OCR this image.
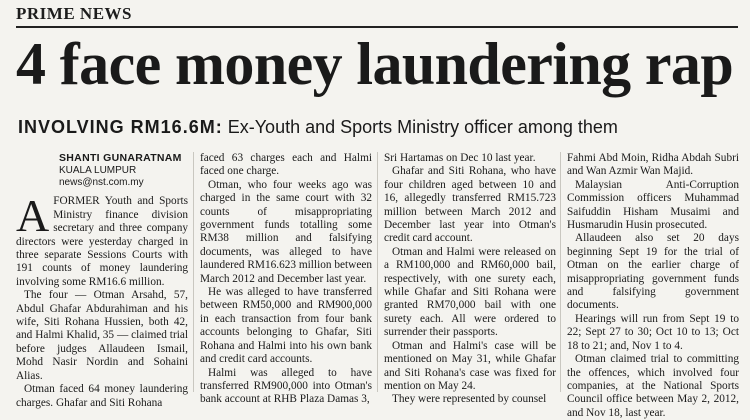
PRIME NEWS
4 face money laundering rap
INVOLVING RM16.6M: Ex-Youth and Sports Ministry officer among them
SHANTI GUNARATNAM
KUALA LUMPUR
news@nst.com.my

AFORMER Youth and Sports Ministry finance division secretary and three company directors were yesterday charged in three separate Sessions Courts with 191 counts of money laundering involving some RM16.6 million.

The four — Otman Arsahd, 57, Abdul Ghafar Abdurahiman and his wife, Siti Rohana Hussien, both 42, and Halmi Khalid, 35 — claimed trial before judges Allaudeen Ismail, Mohd Nasir Nordin and Sohaini Alias.

Otman faced 64 money laundering charges. Ghafar and Siti Rohana

faced 63 charges each and Halmi faced one charge.

Otman, who four weeks ago was charged in the same court with 32 counts of misappropriating government funds totalling some RM38 million and falsifying documents, was alleged to have laundered RM16.623 million between March 2012 and December last year.

He was alleged to have transferred between RM50,000 and RM900,000 in each transaction from four bank accounts belonging to Ghafar, Siti Rohana and Halmi into his own bank and credit card accounts.

Halmi was alleged to have transferred RM900,000 into Otman's bank account at RHB Plaza Damas 3,

Sri Hartamas on Dec 10 last year.

Ghafar and Siti Rohana, who have four children aged between 10 and 16, allegedly transferred RM15.723 million between March 2012 and December last year into Otman's credit card account.

Otman and Halmi were released on a RM100,000 and RM60,000 bail, respectively, with one surety each, while Ghafar and Siti Rohana were granted RM70,000 bail with one surety each. All were ordered to surrender their passports.

Otman and Halmi's case will be mentioned on May 31, while Ghafar and Siti Rohana's case was fixed for mention on May 24.

They were represented by counsel

Fahmi Abd Moin, Ridha Abdah Subri and Wan Azmir Wan Majid.

Malaysian Anti-Corruption Commission officers Muhammad Saifuddin Hisham Musaimi and Husmarudin Husin prosecuted.

Allaudeen also set 20 days beginning Sept 19 for the trial of Otman on the earlier charge of misappropriating government funds and falsifying government documents.

Hearings will run from Sept 19 to 22; Sept 27 to 30; Oct 10 to 13; Oct 18 to 21; and, Nov 1 to 4.

Otman claimed trial to committing the offences, which involved four companies, at the National Sports Council office between May 2, 2012, and Nov 18, last year.
